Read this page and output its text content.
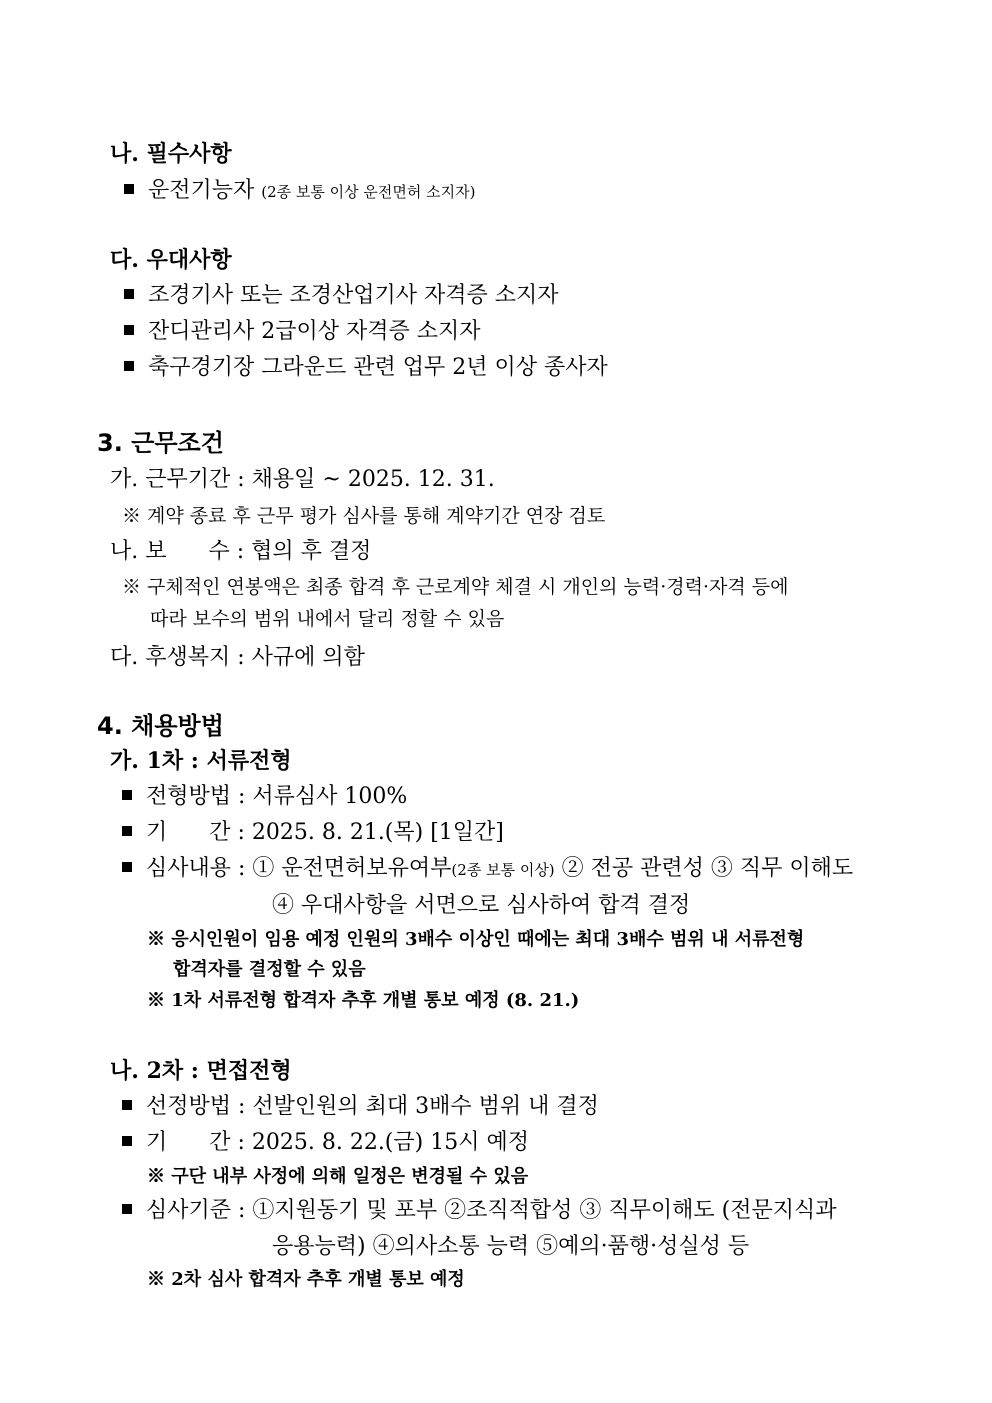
나. 필수사항
운전기능자 (2종 보통 이상 운전면허 소지자)
다. 우대사항
조경기사 또는 조경산업기사 자격증 소지자
잔디관리사 2급이상 자격증 소지자
축구경기장 그라운드 관련 업무 2년 이상 종사자
3. 근무조건
가. 근무기간 : 채용일 ~ 2025. 12. 31.
※ 계약 종료 후 근무 평가 심사를 통해 계약기간 연장 검토
나. 보      수 : 협의 후 결정
※ 구체적인 연봉액은 최종 합격 후 근로계약 체결 시 개인의 능력·경력·자격 등에
따라 보수의 범위 내에서 달리 정할 수 있음
다. 후생복지 : 사규에 의함
4. 채용방법
가. 1차 : 서류전형
전형방법 : 서류심사 100%
기      간 : 2025. 8. 21.(목) [1일간]
심사내용 : ① 운전면허보유여부(2종 보통 이상) ② 전공 관련성 ③ 직무 이해도
④ 우대사항을 서면으로 심사하여 합격 결정
※ 응시인원이 임용 예정 인원의 3배수 이상인 때에는 최대 3배수 범위 내 서류전형
합격자를 결정할 수 있음
※ 1차 서류전형 합격자 추후 개별 통보 예정 (8. 21.)
나. 2차 : 면접전형
선정방법 : 선발인원의 최대 3배수 범위 내 결정
기      간 : 2025. 8. 22.(금) 15시 예정
※ 구단 내부 사정에 의해 일정은 변경될 수 있음
심사기준 : ①지원동기 및 포부 ②조직적합성 ③ 직무이해도 (전문지식과
응용능력) ④의사소통 능력 ⑤예의·품행·성실성 등
※ 2차 심사 합격자 추후 개별 통보 예정
